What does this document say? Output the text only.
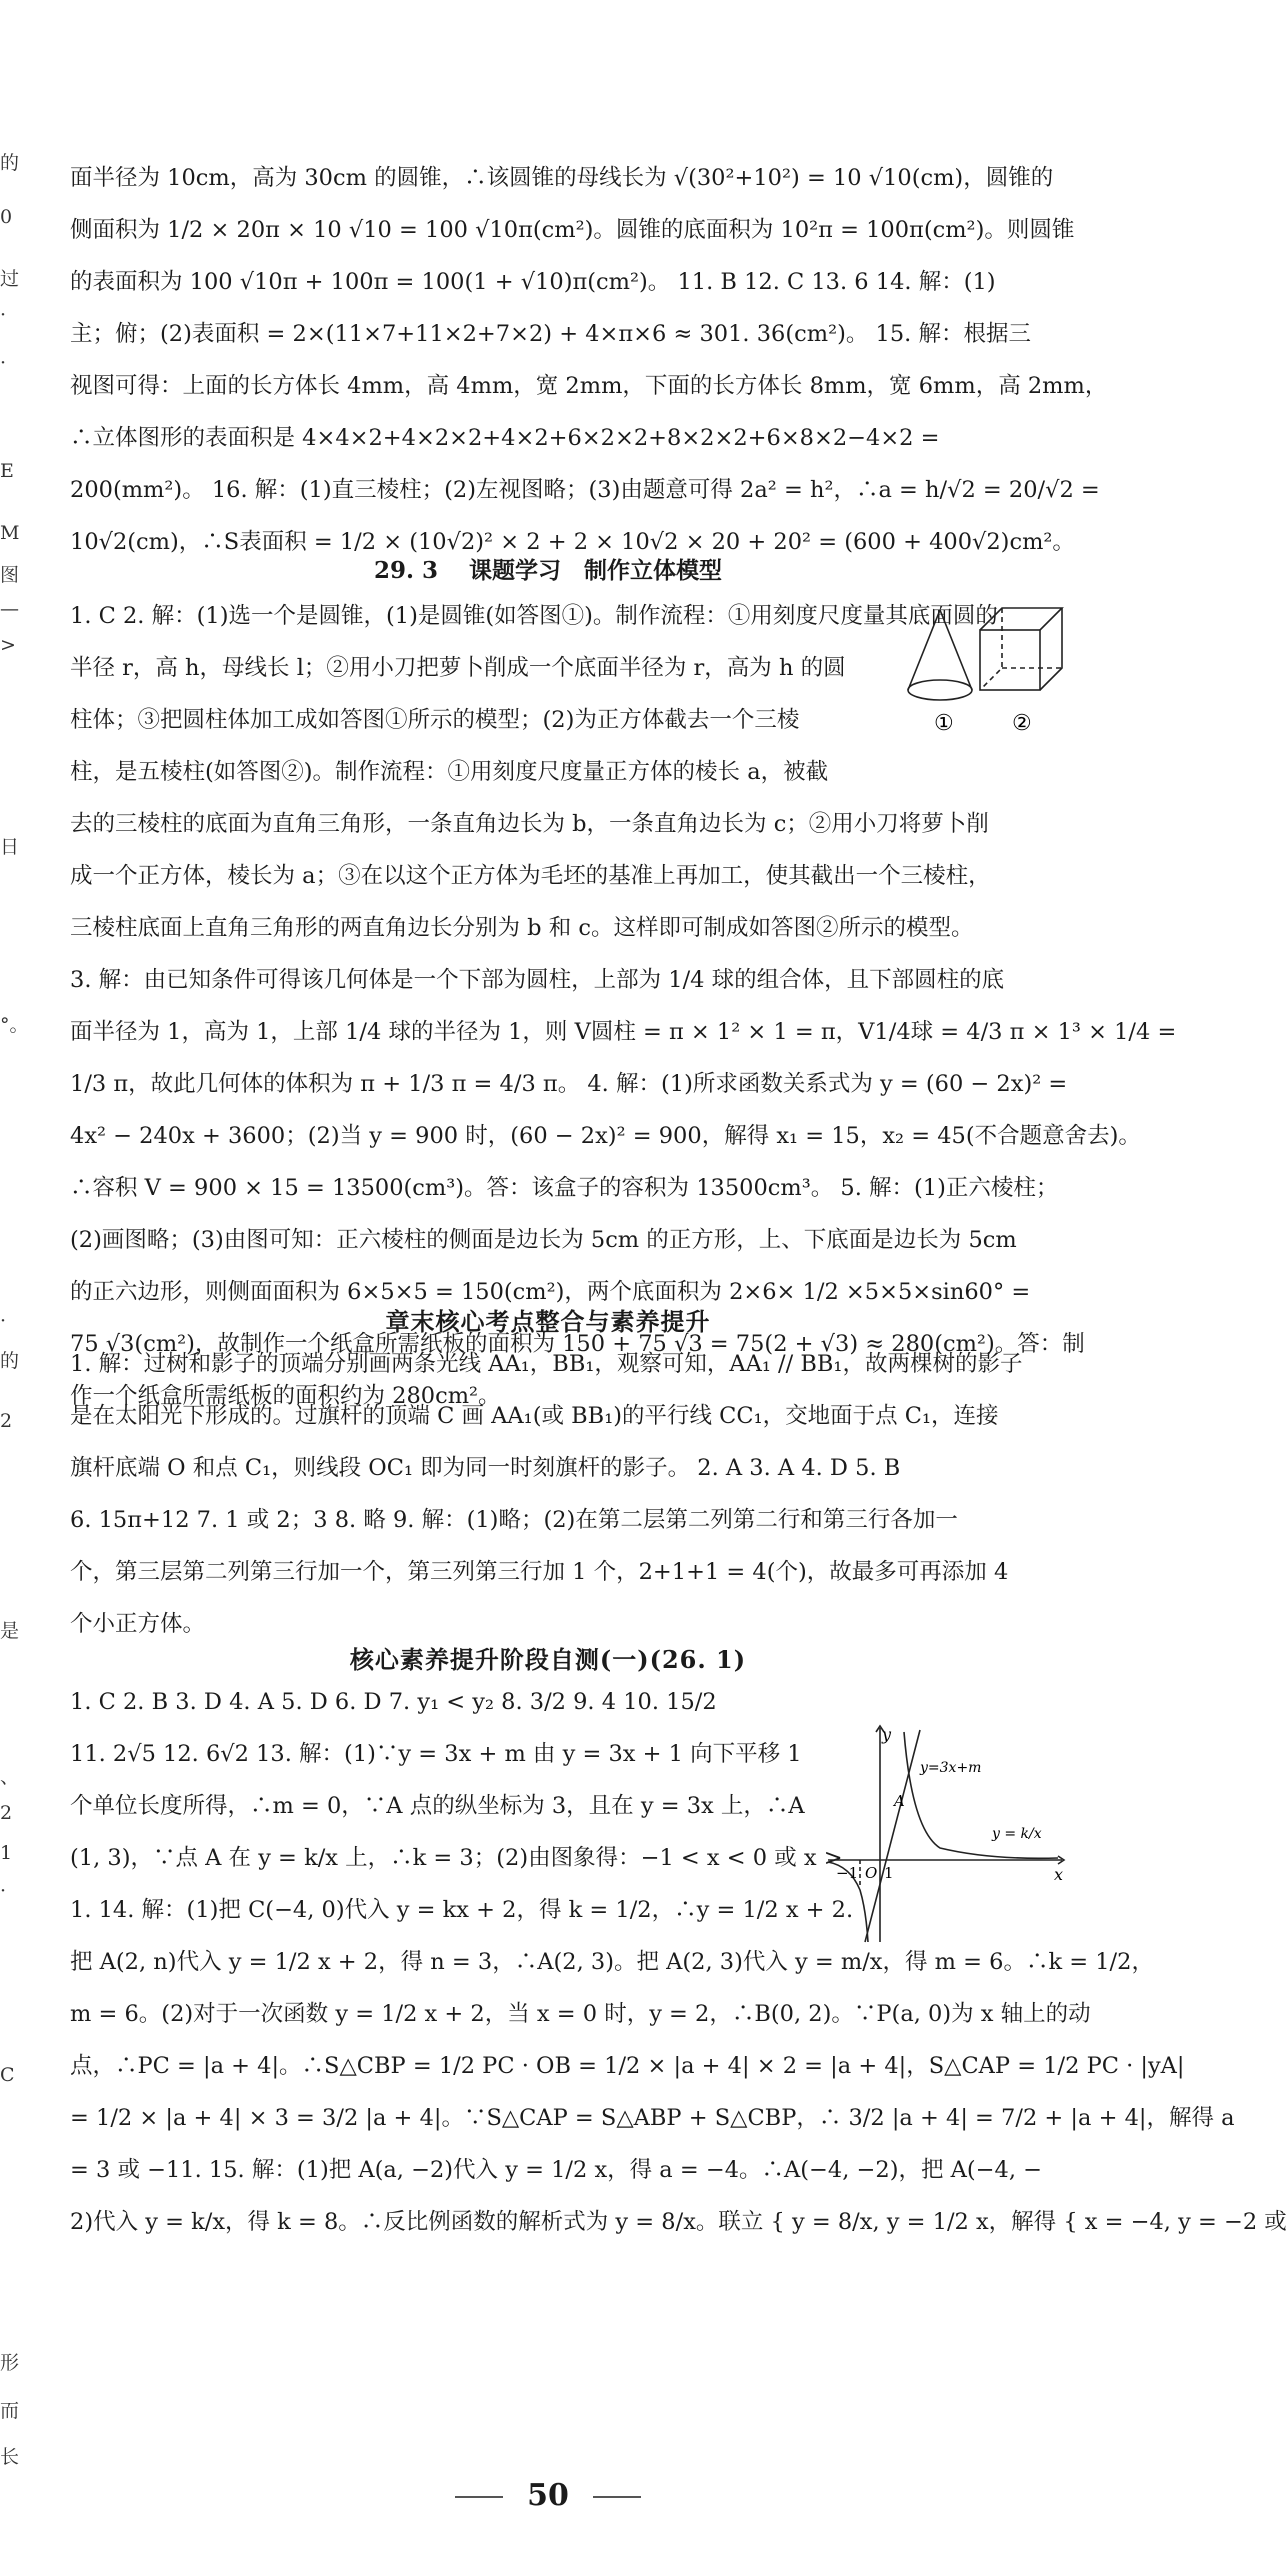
的
0
过
·
·
E
M
图
—
>
日
°。
·
的
2
是
、
2
1
·
C
形
而
长
面半径为 10cm，高为 30cm 的圆锥，∴该圆锥的母线长为 √(30²+10²) = 10 √10(cm)，圆锥的
侧面积为 1/2 × 20π × 10 √10 = 100 √10π(cm²)。圆锥的底面积为 10²π = 100π(cm²)。则圆锥
的表面积为 100 √10π + 100π = 100(1 + √10)π(cm²)。 11. B 12. C 13. 6 14. 解：(1)
主；俯；(2)表面积 = 2×(11×7+11×2+7×2) + 4×π×6 ≈ 301. 36(cm²)。 15. 解：根据三
视图可得：上面的长方体长 4mm，高 4mm，宽 2mm，下面的长方体长 8mm，宽 6mm，高 2mm，
∴立体图形的表面积是 4×4×2+4×2×2+4×2+6×2×2+8×2×2+6×8×2−4×2 =
200(mm²)。 16. 解：(1)直三棱柱；(2)左视图略；(3)由题意可得 2a² = h²，∴a = h/√2 = 20/√2 =
10√2(cm)，∴S表面积 = 1/2 × (10√2)² × 2 + 2 × 10√2 × 20 + 20² = (600 + 400√2)cm²。
29. 3　 课题学习　制作立体模型
1. C 2. 解：(1)选一个是圆锥，(1)是圆锥(如答图①)。制作流程：①用刻度尺度量其底面圆的
半径 r，高 h，母线长 l；②用小刀把萝卜削成一个底面半径为 r，高为 h 的圆
柱体；③把圆柱体加工成如答图①所示的模型；(2)为正方体截去一个三棱
柱，是五棱柱(如答图②)。制作流程：①用刻度尺度量正方体的棱长 a，被截
去的三棱柱的底面为直角三角形，一条直角边长为 b，一条直角边长为 c；②用小刀将萝卜削
成一个正方体，棱长为 a；③在以这个正方体为毛坯的基准上再加工，使其截出一个三棱柱，
三棱柱底面上直角三角形的两直角边长分别为 b 和 c。这样即可制成如答图②所示的模型。
3. 解：由已知条件可得该几何体是一个下部为圆柱，上部为 1/4 球的组合体，且下部圆柱的底
面半径为 1，高为 1，上部 1/4 球的半径为 1，则 V圆柱 = π × 1² × 1 = π，V1/4球 = 4/3 π × 1³ × 1/4 =
1/3 π，故此几何体的体积为 π + 1/3 π = 4/3 π。 4. 解：(1)所求函数关系式为 y = (60 − 2x)² =
4x² − 240x + 3600；(2)当 y = 900 时，(60 − 2x)² = 900，解得 x₁ = 15，x₂ = 45(不合题意舍去)。
∴容积 V = 900 × 15 = 13500(cm³)。答：该盒子的容积为 13500cm³。 5. 解：(1)正六棱柱；
(2)画图略；(3)由图可知：正六棱柱的侧面是边长为 5cm 的正方形，上、下底面是边长为 5cm
的正六边形，则侧面面积为 6×5×5 = 150(cm²)，两个底面积为 2×6× 1/2 ×5×5×sin60° =
75 √3(cm²)，故制作一个纸盒所需纸板的面积为 150 + 75 √3 = 75(2 + √3) ≈ 280(cm²)。答：制
作一个纸盒所需纸板的面积约为 280cm²。
①	②
章末核心考点整合与素养提升
1. 解：过树和影子的顶端分别画两条光线 AA₁，BB₁，观察可知，AA₁ // BB₁，故两棵树的影子
是在太阳光下形成的。过旗杆的顶端 C 画 AA₁(或 BB₁)的平行线 CC₁，交地面于点 C₁，连接
旗杆底端 O 和点 C₁，则线段 OC₁ 即为同一时刻旗杆的影子。 2. A 3. A 4. D 5. B
6. 15π+12 7. 1 或 2；3 8. 略 9. 解：(1)略；(2)在第二层第二列第二行和第三行各加一
个，第三层第二列第三行加一个，第三列第三行加 1 个，2+1+1 = 4(个)，故最多可再添加 4
个小正方体。
核心素养提升阶段自测(一)(26. 1)
1. C 2. B 3. D 4. A 5. D 6. D 7. y₁ < y₂ 8. 3/2 9. 4 10. 15/2
11. 2√5 12. 6√2 13. 解：(1)∵y = 3x + m 由 y = 3x + 1 向下平移 1
个单位长度所得，∴m = 0，∵A 点的纵坐标为 3，且在 y = 3x 上，∴A
(1, 3)，∵点 A 在 y = k/x 上，∴k = 3；(2)由图象得：−1 < x < 0 或 x >
1. 14. 解：(1)把 C(−4, 0)代入 y = kx + 2，得 k = 1/2，∴y = 1/2 x + 2.
把 A(2, n)代入 y = 1/2 x + 2，得 n = 3，∴A(2, 3)。把 A(2, 3)代入 y = m/x，得 m = 6。∴k = 1/2，
m = 6。(2)对于一次函数 y = 1/2 x + 2，当 x = 0 时，y = 2，∴B(0, 2)。∵P(a, 0)为 x 轴上的动
点，∴PC = |a + 4|。∴S△CBP = 1/2 PC · OB = 1/2 × |a + 4| × 2 = |a + 4|，S△CAP = 1/2 PC · |yA|
= 1/2 × |a + 4| × 3 = 3/2 |a + 4|。∵S△CAP = S△ABP + S△CBP，∴ 3/2 |a + 4| = 7/2 + |a + 4|，解得 a
= 3 或 −11. 15. 解：(1)把 A(a, −2)代入 y = 1/2 x，得 a = −4。∴A(−4, −2)，把 A(−4, −
2)代入 y = k/x，得 k = 8。∴反比例函数的解析式为 y = 8/x。联立 { y = 8/x, y = 1/2 x，解得 { x = −4, y = −2 或
y
x
O
−1 1
A
y=3x+m
y = k/x
50
